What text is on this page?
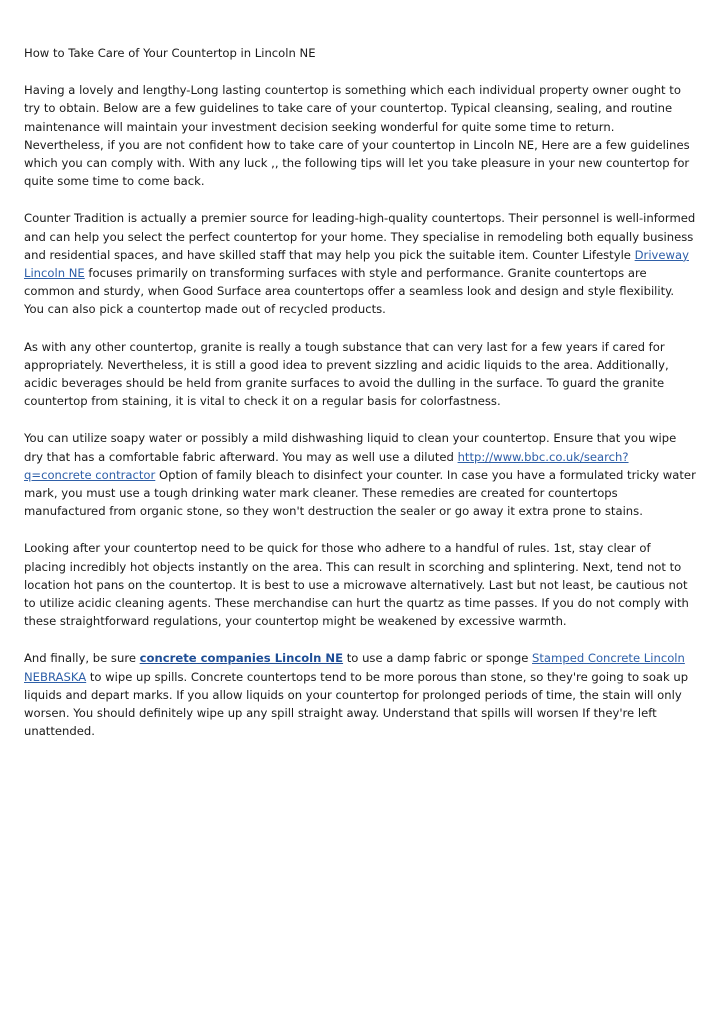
How to Take Care of Your Countertop in Lincoln NE

Having a lovely and lengthy-Long lasting countertop is something which each individual property owner ought to try to obtain. Below are a few guidelines to take care of your countertop. Typical cleansing, sealing, and routine maintenance will maintain your investment decision seeking wonderful for quite some time to return. Nevertheless, if you are not confident how to take care of your countertop in Lincoln NE, Here are a few guidelines which you can comply with. With any luck ,, the following tips will let you take pleasure in your new countertop for quite some time to come back.

Counter Tradition is actually a premier source for leading-high-quality countertops. Their personnel is well-informed and can help you select the perfect countertop for your home. They specialise in remodeling both equally business and residential spaces, and have skilled staff that may help you pick the suitable item. Counter Lifestyle Driveway Lincoln NE focuses primarily on transforming surfaces with style and performance. Granite countertops are common and sturdy, when Good Surface area countertops offer a seamless look and design and style flexibility. You can also pick a countertop made out of recycled products.

As with any other countertop, granite is really a tough substance that can very last for a few years if cared for appropriately. Nevertheless, it is still a good idea to prevent sizzling and acidic liquids to the area. Additionally, acidic beverages should be held from granite surfaces to avoid the dulling in the surface. To guard the granite countertop from staining, it is vital to check it on a regular basis for colorfastness.

You can utilize soapy water or possibly a mild dishwashing liquid to clean your countertop. Ensure that you wipe dry that has a comfortable fabric afterward. You may as well use a diluted http://www.bbc.co.uk/search?q=concrete contractor Option of family bleach to disinfect your counter. In case you have a formulated tricky water mark, you must use a tough drinking water mark cleaner. These remedies are created for countertops manufactured from organic stone, so they won't destruction the sealer or go away it extra prone to stains.

Looking after your countertop need to be quick for those who adhere to a handful of rules. 1st, stay clear of placing incredibly hot objects instantly on the area. This can result in scorching and splintering. Next, tend not to location hot pans on the countertop. It is best to use a microwave alternatively. Last but not least, be cautious not to utilize acidic cleaning agents. These merchandise can hurt the quartz as time passes. If you do not comply with these straightforward regulations, your countertop might be weakened by excessive warmth.

And finally, be sure concrete companies Lincoln NE to use a damp fabric or sponge Stamped Concrete Lincoln NEBRASKA to wipe up spills. Concrete countertops tend to be more porous than stone, so they're going to soak up liquids and depart marks. If you allow liquids on your countertop for prolonged periods of time, the stain will only worsen. You should definitely wipe up any spill straight away. Understand that spills will worsen If they're left unattended.
